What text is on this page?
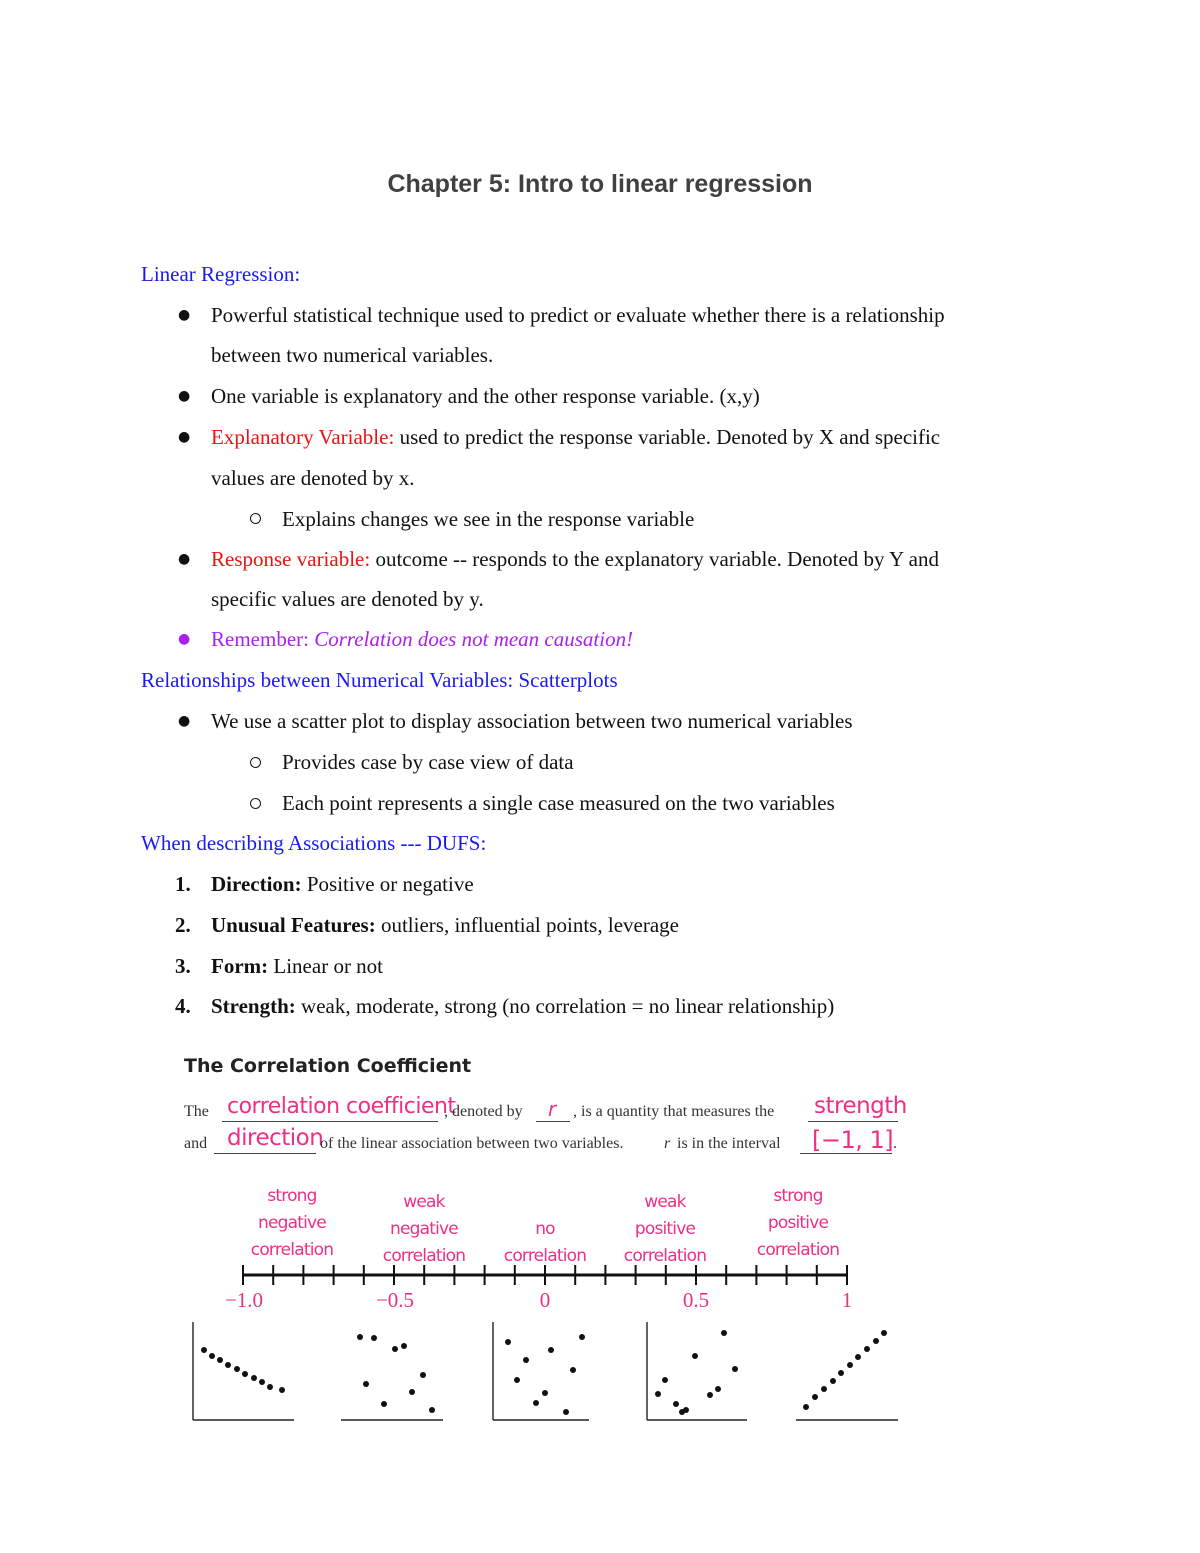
Chapter 5: Intro to linear regression
Linear Regression:
● Powerful statistical technique used to predict or evaluate whether there is a relationship
between two numerical variables.
● One variable is explanatory and the other response variable. (x,y)
● Explanatory Variable: used to predict the response variable. Denoted by X and specific
values are denoted by x.
Explains changes we see in the response variable
● Response variable: outcome -- responds to the explanatory variable. Denoted by Y and
specific values are denoted by y.
● Remember: Correlation does not mean causation!
Relationships between Numerical Variables: Scatterplots
● We use a scatter plot to display association between two numerical variables
Provides case by case view of data
Each point represents a single case measured on the two variables
When describing Associations --- DUFS:
1. Direction: Positive or negative
2. Unusual Features: outliers, influential points, leverage
3. Form: Linear or not
4. Strength: weak, moderate, strong (no correlation = no linear relationship)
The Correlation Coefficient
The correlation coefficient
, denoted by r , is a quantity that measures the strength
and direction
of the linear association between two variables.	r is in the interval [−1, 1] .
strong
negative
correlation
weak
negative
correlation
no
correlation
weak
positive
correlation
strong
positive
correlation
−1.0	−0.5	0	0.5	1
